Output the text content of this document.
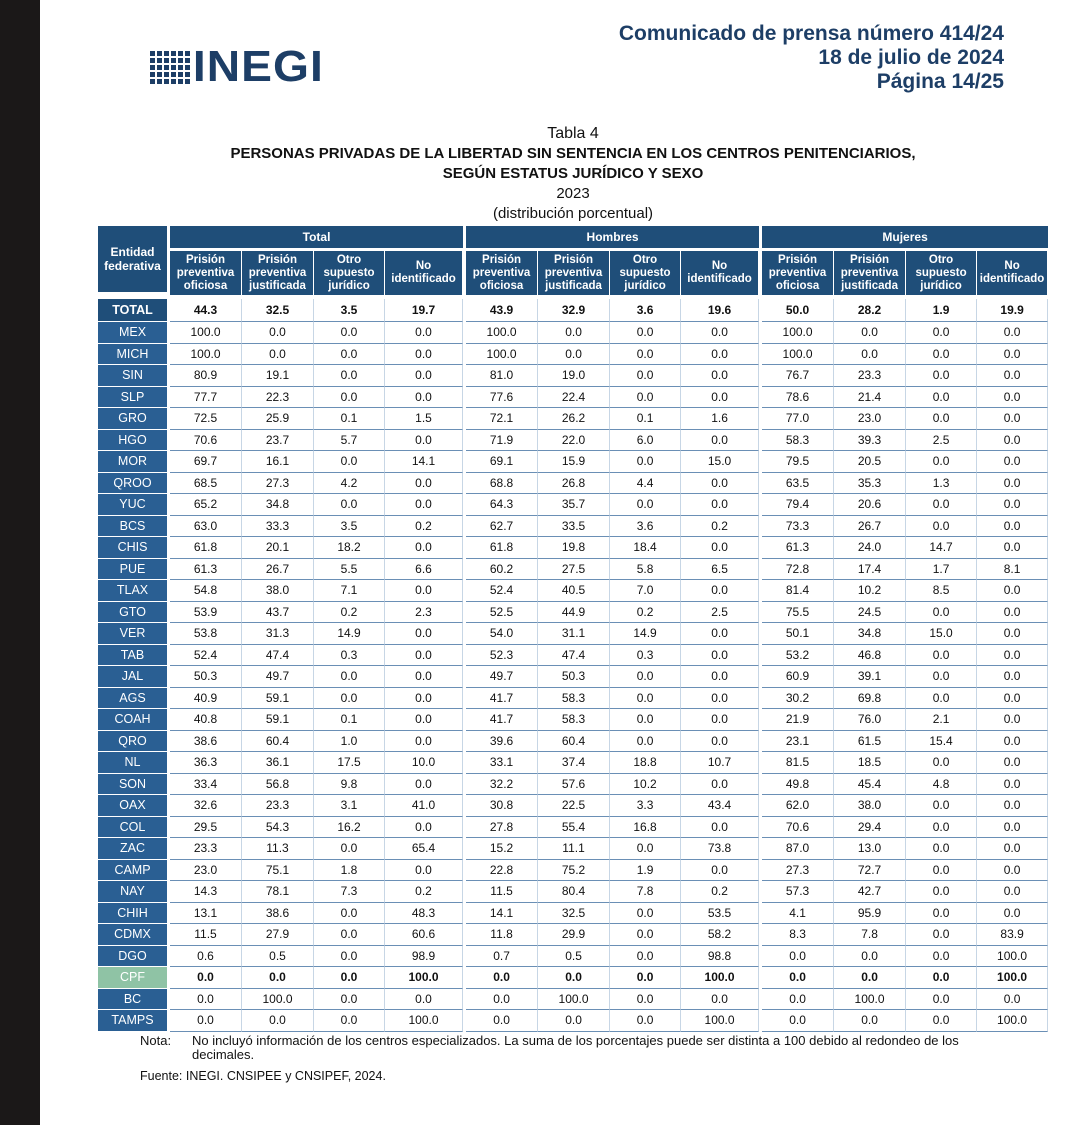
INEGI
Comunicado de prensa número 414/24
18 de julio de 2024
Página 14/25
Tabla 4
PERSONAS PRIVADAS DE LA LIBERTAD SIN SENTENCIA EN LOS CENTROS PENITENCIARIOS,
SEGÚN ESTATUS JURÍDICO Y SEXO
2023
(distribución porcentual)
Entidad
federativa	Total					Hombres					Mujeres			
	Prisión preventiva oficiosa	Prisión preventiva justificada	Otro supuesto jurídico	No identificado		Prisión preventiva oficiosa	Prisión preventiva justificada	Otro supuesto jurídico	No identificado		Prisión preventiva oficiosa	Prisión preventiva justificada	Otro supuesto jurídico	No identificado

TOTAL	44.3	32.5	3.5	19.7		43.9	32.9	3.6	19.6		50.0	28.2	1.9	19.9
MEX	100.0	0.0	0.0	0.0		100.0	0.0	0.0	0.0		100.0	0.0	0.0	0.0
MICH	100.0	0.0	0.0	0.0		100.0	0.0	0.0	0.0		100.0	0.0	0.0	0.0
SIN	80.9	19.1	0.0	0.0		81.0	19.0	0.0	0.0		76.7	23.3	0.0	0.0
SLP	77.7	22.3	0.0	0.0		77.6	22.4	0.0	0.0		78.6	21.4	0.0	0.0
GRO	72.5	25.9	0.1	1.5		72.1	26.2	0.1	1.6		77.0	23.0	0.0	0.0
HGO	70.6	23.7	5.7	0.0		71.9	22.0	6.0	0.0		58.3	39.3	2.5	0.0
MOR	69.7	16.1	0.0	14.1		69.1	15.9	0.0	15.0		79.5	20.5	0.0	0.0
QROO	68.5	27.3	4.2	0.0		68.8	26.8	4.4	0.0		63.5	35.3	1.3	0.0
YUC	65.2	34.8	0.0	0.0		64.3	35.7	0.0	0.0		79.4	20.6	0.0	0.0
BCS	63.0	33.3	3.5	0.2		62.7	33.5	3.6	0.2		73.3	26.7	0.0	0.0
CHIS	61.8	20.1	18.2	0.0		61.8	19.8	18.4	0.0		61.3	24.0	14.7	0.0
PUE	61.3	26.7	5.5	6.6		60.2	27.5	5.8	6.5		72.8	17.4	1.7	8.1
TLAX	54.8	38.0	7.1	0.0		52.4	40.5	7.0	0.0		81.4	10.2	8.5	0.0
GTO	53.9	43.7	0.2	2.3		52.5	44.9	0.2	2.5		75.5	24.5	0.0	0.0
VER	53.8	31.3	14.9	0.0		54.0	31.1	14.9	0.0		50.1	34.8	15.0	0.0
TAB	52.4	47.4	0.3	0.0		52.3	47.4	0.3	0.0		53.2	46.8	0.0	0.0
JAL	50.3	49.7	0.0	0.0		49.7	50.3	0.0	0.0		60.9	39.1	0.0	0.0
AGS	40.9	59.1	0.0	0.0		41.7	58.3	0.0	0.0		30.2	69.8	0.0	0.0
COAH	40.8	59.1	0.1	0.0		41.7	58.3	0.0	0.0		21.9	76.0	2.1	0.0
QRO	38.6	60.4	1.0	0.0		39.6	60.4	0.0	0.0		23.1	61.5	15.4	0.0
NL	36.3	36.1	17.5	10.0		33.1	37.4	18.8	10.7		81.5	18.5	0.0	0.0
SON	33.4	56.8	9.8	0.0		32.2	57.6	10.2	0.0		49.8	45.4	4.8	0.0
OAX	32.6	23.3	3.1	41.0		30.8	22.5	3.3	43.4		62.0	38.0	0.0	0.0
COL	29.5	54.3	16.2	0.0		27.8	55.4	16.8	0.0		70.6	29.4	0.0	0.0
ZAC	23.3	11.3	0.0	65.4		15.2	11.1	0.0	73.8		87.0	13.0	0.0	0.0
CAMP	23.0	75.1	1.8	0.0		22.8	75.2	1.9	0.0		27.3	72.7	0.0	0.0
NAY	14.3	78.1	7.3	0.2		11.5	80.4	7.8	0.2		57.3	42.7	0.0	0.0
CHIH	13.1	38.6	0.0	48.3		14.1	32.5	0.0	53.5		4.1	95.9	0.0	0.0
CDMX	11.5	27.9	0.0	60.6		11.8	29.9	0.0	58.2		8.3	7.8	0.0	83.9
DGO	0.6	0.5	0.0	98.9		0.7	0.5	0.0	98.8		0.0	0.0	0.0	100.0
CPF	0.0	0.0	0.0	100.0		0.0	0.0	0.0	100.0		0.0	0.0	0.0	100.0
BC	0.0	100.0	0.0	0.0		0.0	100.0	0.0	0.0		0.0	100.0	0.0	0.0
TAMPS	0.0	0.0	0.0	100.0		0.0	0.0	0.0	100.0		0.0	0.0	0.0	100.0
Nota: No incluyó información de los centros especializados. La suma de los porcentajes puede ser distinta a 100 debido al redondeo de los decimales.
Fuente: INEGI. CNSIPEE y CNSIPEF, 2024.
